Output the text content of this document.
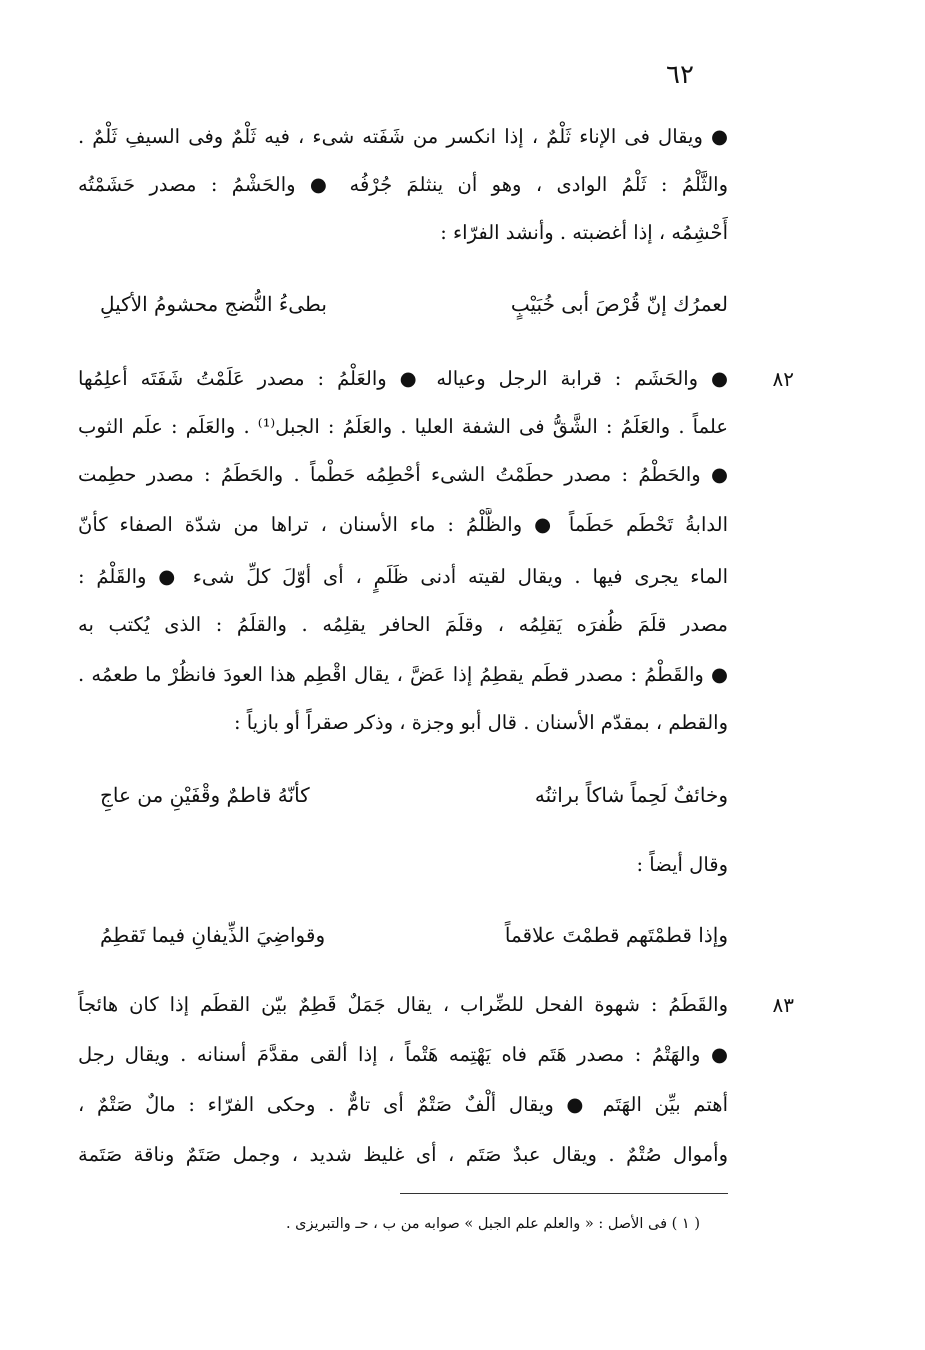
٦٢
● ويقال فى الإناء ثَلْمٌ ، إذا انكسر من شَفَته شىء ، فيه ثَلْمٌ وفى السيفِ ثَلْمٌ .
والثَّلْمُ : ثَلْمُ الوادى ، وهو أن ينثلمَ جُرْفُه ● والحَشْمُ : مصدر حَشَمْتُه
أَحْشِمُه ، إذا أغضبته . وأنشد الفرّاء :
لعمرُك إنّ قُرْصَ أبى خُبَيْبٍ
بطىءُ النُّضج محشومُ الأكيلِ
٨٢
● والحَشَم : قرابة الرجل وعياله ● والعَلْمُ : مصدر عَلَمْتُ شَفَتَه أعلِمُها
علماً . والعَلَمُ : الشَّقُّ فى الشفة العليا . والعَلَمُ : الجبل⁽¹⁾ . والعَلَم : علَم الثوب
● والحَطْمُ : مصدر حطَمْتُ الشىء أحْطِمُه حَطْماً . والحَطَمُ : مصدر حطِمت
الدابةُ تَحْطَم حَطَماً ● والظَّلْمُ : ماء الأسنان ، تراها من شدّة الصفاء كأنّ
الماء يجرى فيها . ويقال لقيته أدنى ظَلَمٍ ، أى أوّلَ كلِّ شىء ● والقَلْمُ :
مصدر قلَمَ ظُفرَه يَقلِمُه ، وقلَمَ الحافر يقلِمُه . والقلَمُ : الذى يُكتب به
● والقَطْمُ : مصدر قطَم يقطِمُ إذا عَضَّ ، يقال اقْطِم هذا العودَ فانظُرْ ما طعمُه .
والقطم ، بمقدّم الأسنان . قال أبو وجزة ، وذكر صقراً أو بازياً :
وخائفٌ لَحِماً شاكاً براثنُه
كأنّهُ قاطمٌ وقْفَيْنِ من عاجِ
وقال أيضاً :
وإذا قطمْتَهم قطمْتَ علاقماً
وقواضِيَ الذِّيفانِ فيما تَقطِمُ
٨٣
والقَطَمُ : شهوة الفحل للضِّراب ، يقال جَمَلٌ قَطِمٌ بيّن القطَم إذا كان هائجاً
● والهَتْمُ : مصدر هَتَم فاه يَهْتِمه هَتْماً ، إذا ألقى مقدَّمَ أسنانه . ويقال رجل
أهتم بيِّن الهَتَم ● ويقال ألْفٌ صَتْمٌ أى تامٌّ . وحكى الفرّاء : مالٌ صَتْمٌ ،
وأموال صُتْمٌ . ويقال عبدٌ صَتَم ، أى غليظ شديد ، وجمل صَتَمٌ وناقة صَتَمة
( ١ ) فى الأصل : « والعلم علم الجبل » صوابه من ب ، حـ والتبريزى .
